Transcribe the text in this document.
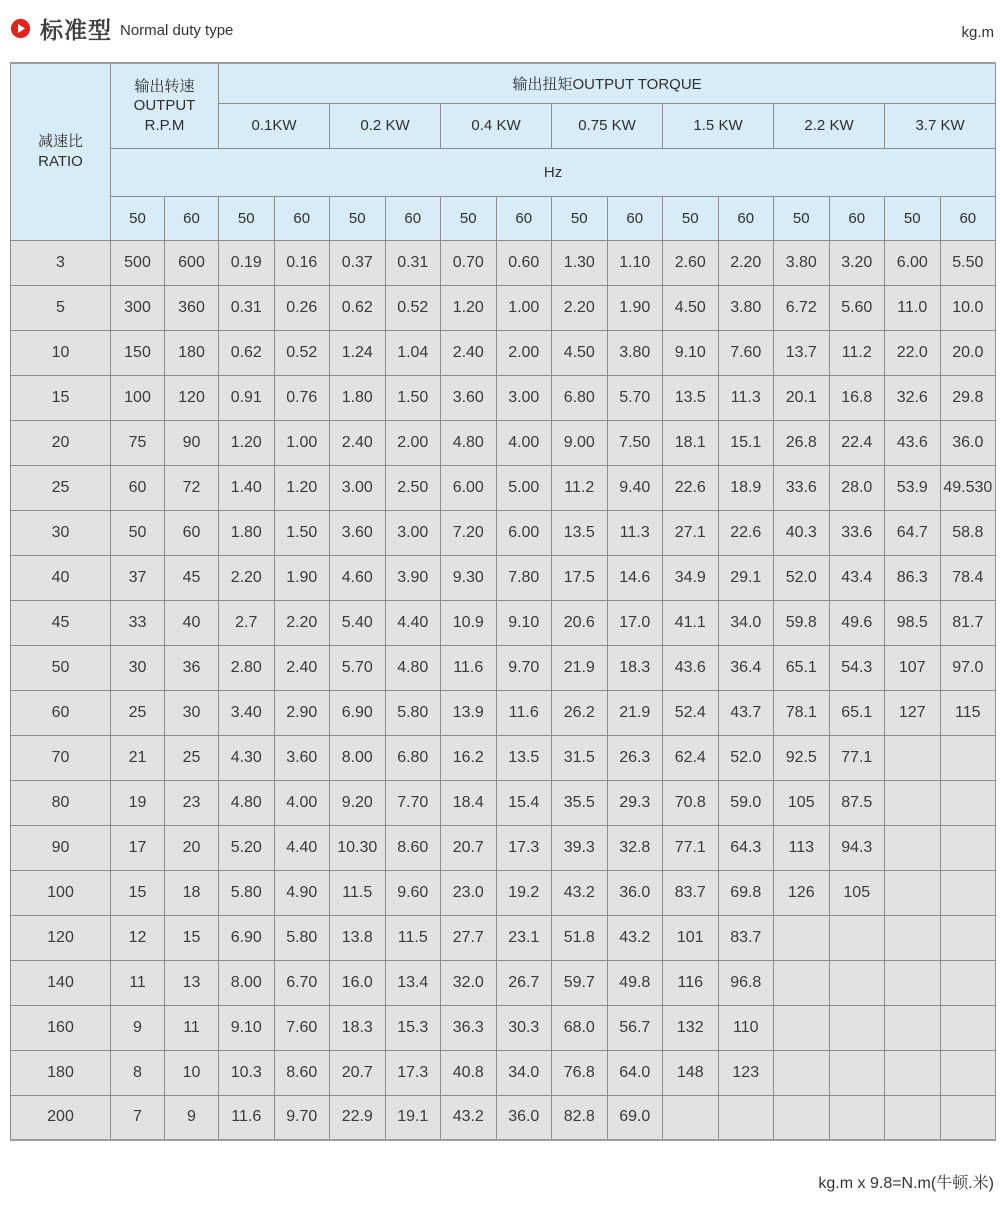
标准型 Normal duty type	kg.m
减速比
RATIO

输出转速
OUTPUT
R.P.M
	输出扭矩OUTPUT TORQUE
			0.1KW		0.2 KW		0.4 KW		0.75 KW		1.5 KW		2.2 KW		3.7 KW	
	Hz															
	50	60	50	60	50	60	50	60	50	60	50	60	50	60	50	60
3	500	600	0.19	0.16	0.37	0.31	0.70	0.60	1.30	1.10	2.60	2.20	3.80	3.20	6.00	5.50
5	300	360	0.31	0.26	0.62	0.52	1.20	1.00	2.20	1.90	4.50	3.80	6.72	5.60	11.0	10.0
10	150	180	0.62	0.52	1.24	1.04	2.40	2.00	4.50	3.80	9.10	7.60	13.7	11.2	22.0	20.0
15	100	120	0.91	0.76	1.80	1.50	3.60	3.00	6.80	5.70	13.5	11.3	20.1	16.8	32.6	29.8
20	75	90	1.20	1.00	2.40	2.00	4.80	4.00	9.00	7.50	18.1	15.1	26.8	22.4	43.6	36.0
25	60	72	1.40	1.20	3.00	2.50	6.00	5.00	11.2	9.40	22.6	18.9	33.6	28.0	53.9	49.530
30	50	60	1.80	1.50	3.60	3.00	7.20	6.00	13.5	11.3	27.1	22.6	40.3	33.6	64.7	58.8
40	37	45	2.20	1.90	4.60	3.90	9.30	7.80	17.5	14.6	34.9	29.1	52.0	43.4	86.3	78.4
45	33	40	2.7	2.20	5.40	4.40	10.9	9.10	20.6	17.0	41.1	34.0	59.8	49.6	98.5	81.7
50	30	36	2.80	2.40	5.70	4.80	11.6	9.70	21.9	18.3	43.6	36.4	65.1	54.3	107	97.0
60	25	30	3.40	2.90	6.90	5.80	13.9	11.6	26.2	21.9	52.4	43.7	78.1	65.1	127	115
70	21	25	4.30	3.60	8.00	6.80	16.2	13.5	31.5	26.3	62.4	52.0	92.5	77.1		
80	19	23	4.80	4.00	9.20	7.70	18.4	15.4	35.5	29.3	70.8	59.0	105	87.5		
90	17	20	5.20	4.40	10.30	8.60	20.7	17.3	39.3	32.8	77.1	64.3	113	94.3		
100	15	18	5.80	4.90	11.5	9.60	23.0	19.2	43.2	36.0	83.7	69.8	126	105		
120	12	15	6.90	5.80	13.8	11.5	27.7	23.1	51.8	43.2	101	83.7				
140	11	13	8.00	6.70	16.0	13.4	32.0	26.7	59.7	49.8	116	96.8				
160	9	11	9.10	7.60	18.3	15.3	36.3	30.3	68.0	56.7	132	110				
180	8	10	10.3	8.60	20.7	17.3	40.8	34.0	76.8	64.0	148	123				
200	7	9	11.6	9.70	22.9	19.1	43.2	36.0	82.8	69.0						
kg.m x 9.8=N.m(牛顿.米)
